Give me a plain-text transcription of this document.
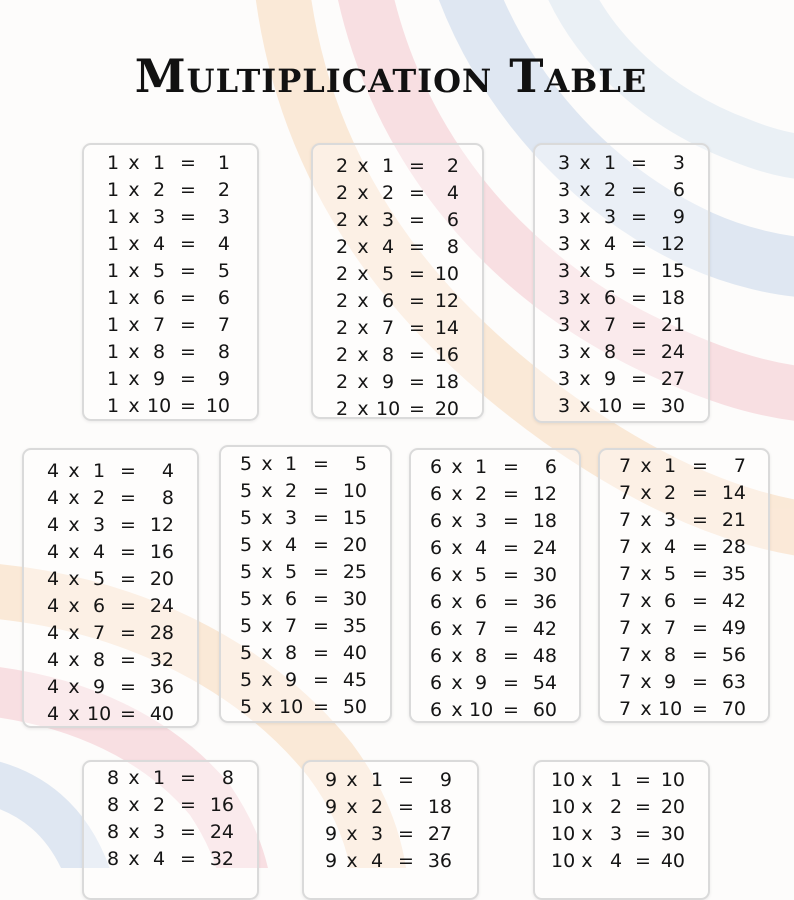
Multiplication Table
1 x 1 =	1
1 x 2 =	2
1 x 3 =	3
1 x 4 =	4
1 x 5 =	5
1 x 6 =	6
1 x 7 =	7
1 x 8 =	8
1 x 9 =	9
1 x 10 = 10
2 x 1 =	2
2 x 2 =	4
2 x 3 =	6
2 x 4 =	8
2 x 5 = 10
2 x 6 = 12
2 x 7 = 14
2 x 8 = 16
2 x 9 = 18
2 x 10 = 20
3 x 1 =	3
3 x 2 =	6
3 x 3 =	9
3 x 4 = 12
3 x 5 = 15
3 x 6 = 18
3 x 7 = 21
3 x 8 = 24
3 x 9 = 27
3 x 10 = 30
4 x 1 =	4
4 x 2 =	8
4 x 3 = 12
4 x 4 = 16
4 x 5 = 20
4 x 6 = 24
4 x 7 = 28
4 x 8 = 32
4 x 9 = 36
4 x 10 = 40
5 x 1 =	5
5 x 2 = 10
5 x 3 = 15
5 x 4 = 20
5 x 5 = 25
5 x 6 = 30
5 x 7 = 35
5 x 8 = 40
5 x 9 = 45
5 x 10 = 50
6 x 1 =	6
6 x 2 = 12
6 x 3 = 18
6 x 4 = 24
6 x 5 = 30
6 x 6 = 36
6 x 7 = 42
6 x 8 = 48
6 x 9 = 54
6 x 10 = 60
7 x 1 =	7
7 x 2 = 14
7 x 3 = 21
7 x 4 = 28
7 x 5 = 35
7 x 6 = 42
7 x 7 = 49
7 x 8 = 56
7 x 9 = 63
7 x 10 = 70
8 x 1 =	8
8 x 2 = 16
8 x 3 = 24
8 x 4 = 32
9 x 1 =	9
9 x 2 = 18
9 x 3 = 27
9 x 4 = 36
10 x 1 = 10
10 x 2 = 20
10 x 3 = 30
10 x 4 = 40
